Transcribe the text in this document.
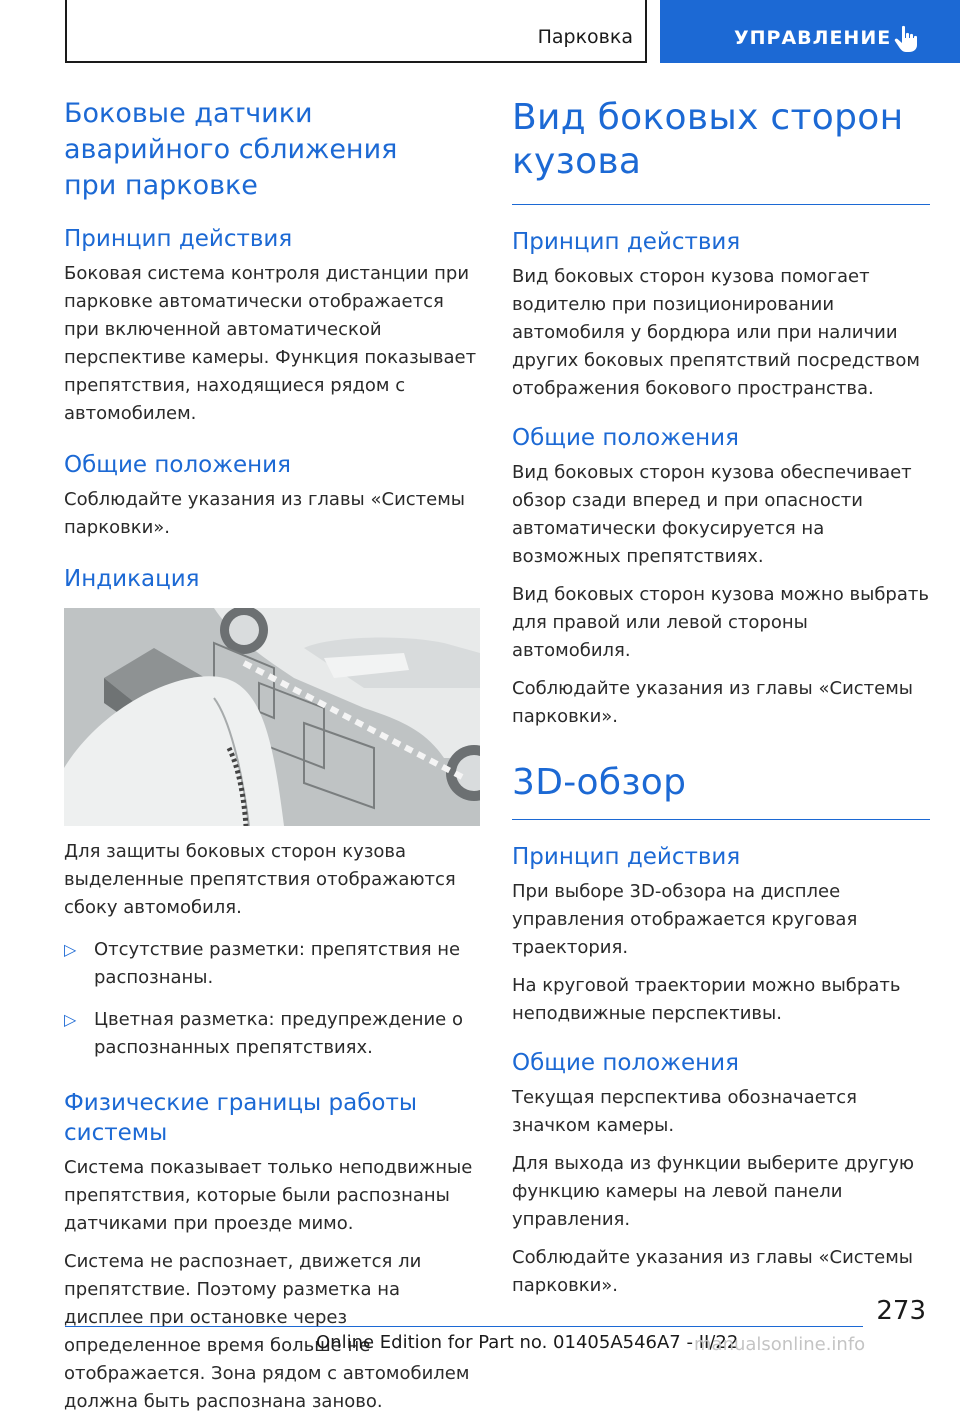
Парковка	УПРАВЛЕНИЕ
Боковые датчики аварийного сближения при парковке
Принцип действия

Боковая система контроля дистанции при парковке автоматически отображается при включенной автоматической перспективе камеры. Функция показывает препятствия, находящиеся рядом с автомобилем.

Общие положения

Соблюдайте указания из главы «Системы парковки».

Индикация

Для защиты боковых сторон кузова выделенные препятствия отображаются сбоку автомобиля.

▷ Отсутствие разметки: препятствия не распознаны.
▷ Цветная разметка: предупреждение о распознанных препятствиях.
Физические границы работы системы

Система показывает только неподвижные препятствия, которые были распознаны датчиками при проезде мимо.

Система не распознает, движется ли препятствие. Поэтому разметка на дисплее при остановке через определенное время больше не отображается. Зона рядом с автомобилем должна быть распознана заново.

Вид боковых сторон кузова
Принцип действия

Вид боковых сторон кузова помогает водителю при позиционировании автомобиля у бордюра или при наличии других боковых препятствий посредством отображения бокового пространства.

Общие положения

Вид боковых сторон кузова обеспечивает обзор сзади вперед и при опасности автоматически фокусируется на возможных препятствиях.

Вид боковых сторон кузова можно выбрать для правой или левой стороны автомобиля.

Соблюдайте указания из главы «Системы парковки».

3D-обзор
Принцип действия

При выборе 3D-обзора на дисплее управления отображается круговая траектория.

На круговой траектории можно выбрать неподвижные перспективы.

Общие положения

Текущая перспектива обозначается значком камеры.

Для выхода из функции выберите другую функцию камеры на левой панели управления.

Соблюдайте указания из главы «Системы парковки».

273
Online Edition for Part no. 01405A546A7 - II/22
manualsonline.info
